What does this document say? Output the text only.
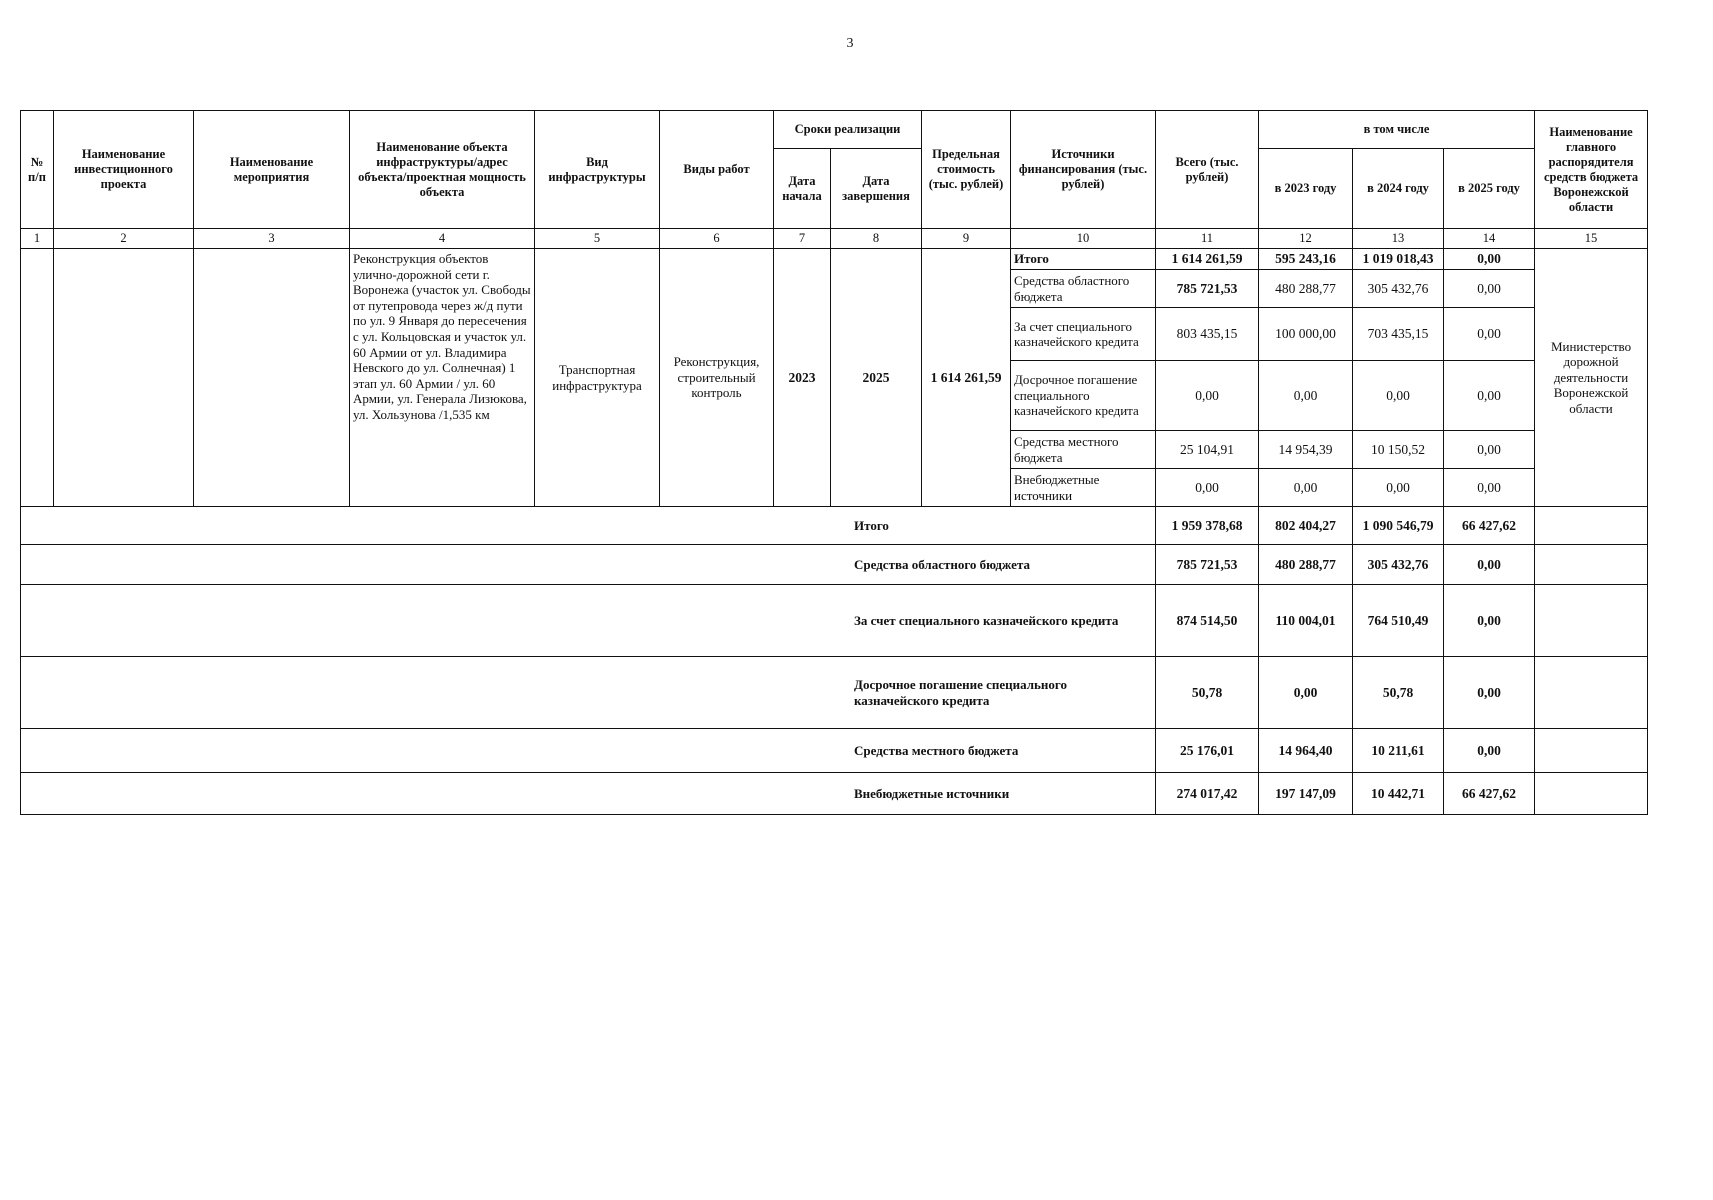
3
№ п/п	Наименование инвестиционного проекта	Наименование мероприятия	Наименование объекта инфраструктуры/адрес объекта/проектная мощность объекта	Вид инфраструктуры	Виды работ	Сроки реализации		Предельная стоимость (тыс. рублей)	Источники финансирования (тыс. рублей)	Всего (тыс. рублей)	в том числе			Наименование главного распорядителя средств бюджета Воронежской области
						Дата начала	Дата завершения				в 2023 году	в 2024 году	в 2025 году	
1	2	3	4	5	6	7	8	9	10	11	12	13	14	15
			Реконструкция объектов улично-дорожной сети г. Воронежа (участок ул. Свободы от путепровода через ж/д пути по ул. 9 Января до пересечения с ул. Кольцовская и участок ул. 60 Армии от ул. Владимира Невского до ул. Солнечная) 1 этап ул. 60 Армии / ул. 60 Армии, ул. Генерала Лизюкова, ул. Хользунова /1,535 км	Транспортная инфраструктура	Реконструкция, строительный контроль	2023	2025	1 614 261,59	Итого	1 614 261,59	595 243,16	1 019 018,43	0,00	Министерство дорожной деятельности Воронежской области
									Средства областного бюджета	785 721,53	480 288,77	305 432,76	0,00	
									За счет специального казначейского кредита	803 435,15	100 000,00	703 435,15	0,00	
									Досрочное погашение специального казначейского кредита	0,00	0,00	0,00	0,00	
									Средства местного бюджета	25 104,91	14 954,39	10 150,52	0,00	
									Внебюджетные источники	0,00	0,00	0,00	0,00	
Итого										1 959 378,68	802 404,27	1 090 546,79	66 427,62	
Средства областного бюджета										785 721,53	480 288,77	305 432,76	0,00	
За счет специального казначейского кредита										874 514,50	110 004,01	764 510,49	0,00	
Досрочное погашение специального казначейского кредита										50,78	0,00	50,78	0,00	
Средства местного бюджета										25 176,01	14 964,40	10 211,61	0,00	
Внебюджетные источники										274 017,42	197 147,09	10 442,71	66 427,62	
